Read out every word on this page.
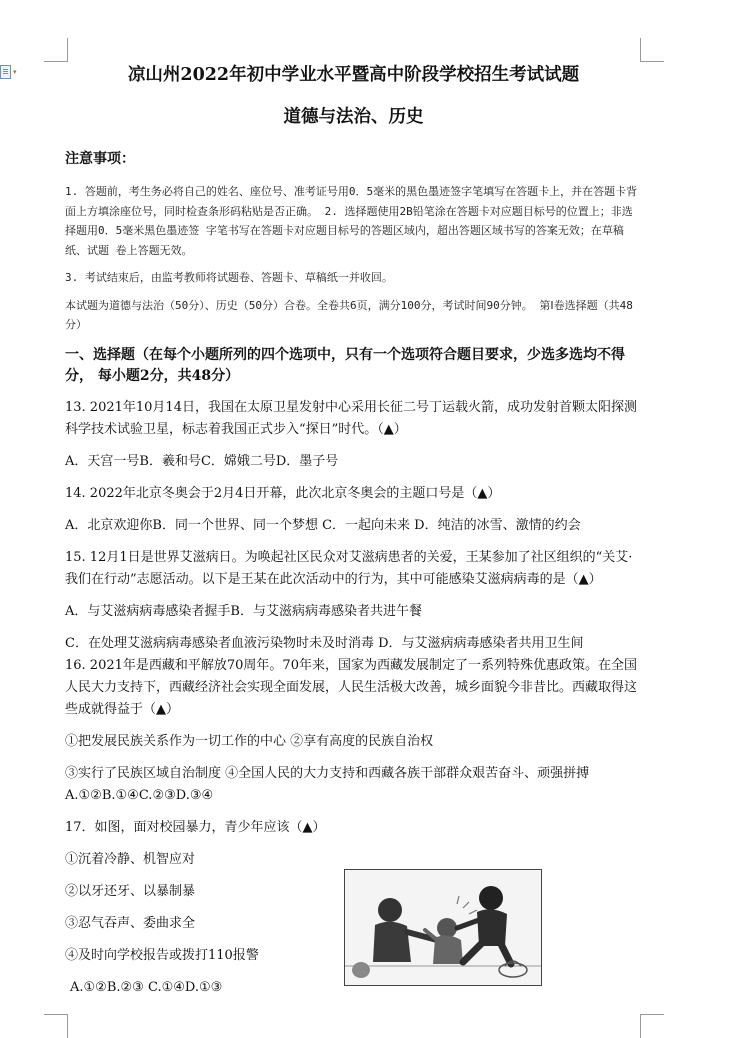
▾	凉山州2022年初中学业水平暨高中阶段学校招生考试试题

道德与法治、历史

注意事项：

1. 答题前，考生务必将自己的姓名、座位号、准考证号用0．5毫米的黑色墨迹签字笔填写在答题卡上，并在答题卡背面上方填涂座位号，同时检查条形码粘贴是否正确。 2. 选择题使用2B铅笔涂在答题卡对应题目标号的位置上；非选择题用0．5毫米黑色墨迹签 字笔书写在答题卡对应题目标号的答题区域内，超出答题区域书写的答案无效；在草稿纸、试题 卷上答题无效。

3. 考试结束后，由监考教师将试题卷、答题卡、草稿纸一并收回。

本试题为道德与法治（50分）、历史（50分）合卷。全卷共6页，满分100分，考试时间90分钟。 第Ⅰ卷选择题（共48分）

一、选择题（在每个小题所列的四个选项中，只有一个选项符合题目要求，少选多选均不得分， 每小题2分，共48分）

13. 2021年10月14日，我国在太原卫星发射中心采用长征二号丁运载火箭，成功发射首颗太阳探测科学技术试验卫星，标志着我国正式步入“探日”时代。（▲）

A．天宫一号B．羲和号C．嫦娥二号D．墨子号

14. 2022年北京冬奥会于2月4日开幕，此次北京冬奥会的主题口号是（▲）

A．北京欢迎你B．同一个世界、同一个梦想 C．一起向未来 D．纯洁的冰雪、激情的约会

15. 12月1日是世界艾滋病日。为唤起社区民众对艾滋病患者的关爱，王某参加了社区组织的“关艾·我们在行动”志愿活动。以下是王某在此次活动中的行为，其中可能感染艾滋病病毒的是（▲）

A．与艾滋病病毒感染者握手B．与艾滋病病毒感染者共进午餐

C．在处理艾滋病病毒感染者血液污染物时未及时消毒 D．与艾滋病病毒感染者共用卫生间

16. 2021年是西藏和平解放70周年。70年来，国家为西藏发展制定了一系列特殊优惠政策。在全国人民大力支持下，西藏经济社会实现全面发展，人民生活极大改善，城乡面貌今非昔比。西藏取得这些成就得益于（▲）

①把发展民族关系作为一切工作的中心 ②享有高度的民族自治权

③实行了民族区域自治制度 ④全国人民的大力支持和西藏各族干部群众艰苦奋斗、顽强拼搏

A.①②B.①④C.②③D.③④

17．如图，面对校园暴力，青少年应该（▲）

①沉着冷静、机智应对

②以牙还牙、以暴制暴

③忍气吞声、委曲求全

④及时向学校报告或拨打110报警

A.①②B.②③ C.①④D.①③
